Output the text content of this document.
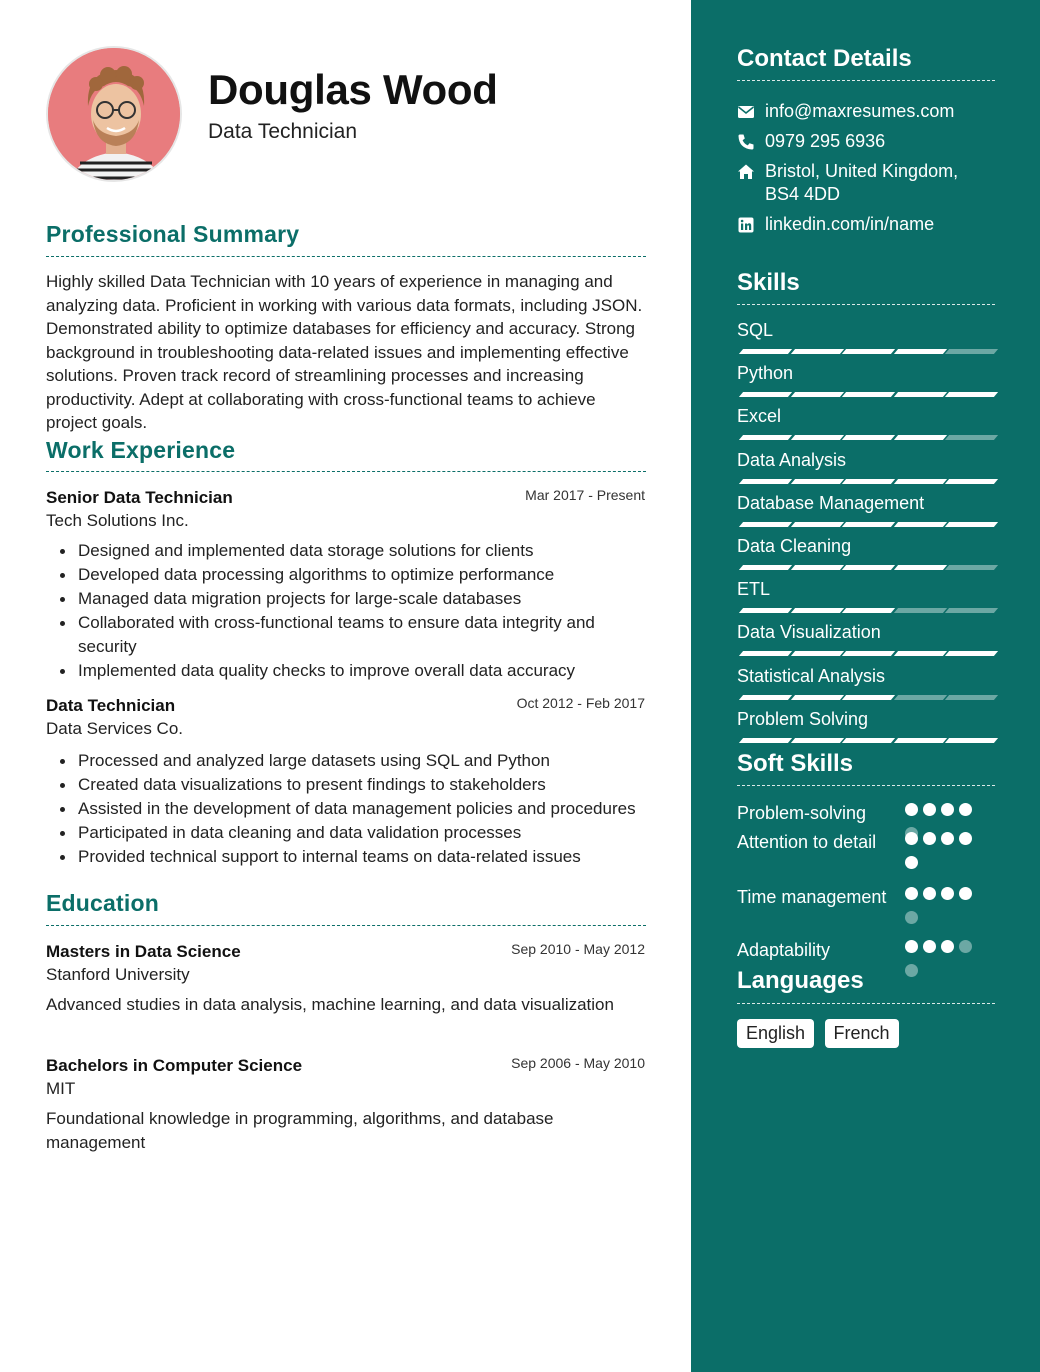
Douglas Wood
Data Technician
Professional Summary
Highly skilled Data Technician with 10 years of experience in managing and analyzing data. Proficient in working with various data formats, including JSON. Demonstrated ability to optimize databases for efficiency and accuracy. Strong background in troubleshooting data-related issues and implementing effective solutions. Proven track record of streamlining processes and increasing productivity. Adept at collaborating with cross-functional teams to achieve project goals.
Work Experience
Senior Data Technician	Mar 2017 - Present
Tech Solutions Inc.
Designed and implemented data storage solutions for clients
Developed data processing algorithms to optimize performance
Managed data migration projects for large-scale databases
Collaborated with cross-functional teams to ensure data integrity and security
Implemented data quality checks to improve overall data accuracy
Data Technician	Oct 2012 - Feb 2017
Data Services Co.
Processed and analyzed large datasets using SQL and Python
Created data visualizations to present findings to stakeholders
Assisted in the development of data management policies and procedures
Participated in data cleaning and data validation processes
Provided technical support to internal teams on data-related issues
Education
Masters in Data Science	Sep 2010 - May 2012
Stanford University
Advanced studies in data analysis, machine learning, and data visualization
Bachelors in Computer Science	Sep 2006 - May 2010
MIT
Foundational knowledge in programming, algorithms, and database management
Contact Details
info@maxresumes.com
0979 295 6936
Bristol, United Kingdom, BS4 4DD
linkedin.com/in/name
Skills
SQL
Python
Excel
Data Analysis
Database Management
Data Cleaning
ETL
Data Visualization
Statistical Analysis
Problem Solving
Soft Skills
Problem-solving
Attention to detail
Time management
Adaptability
Languages
English French
